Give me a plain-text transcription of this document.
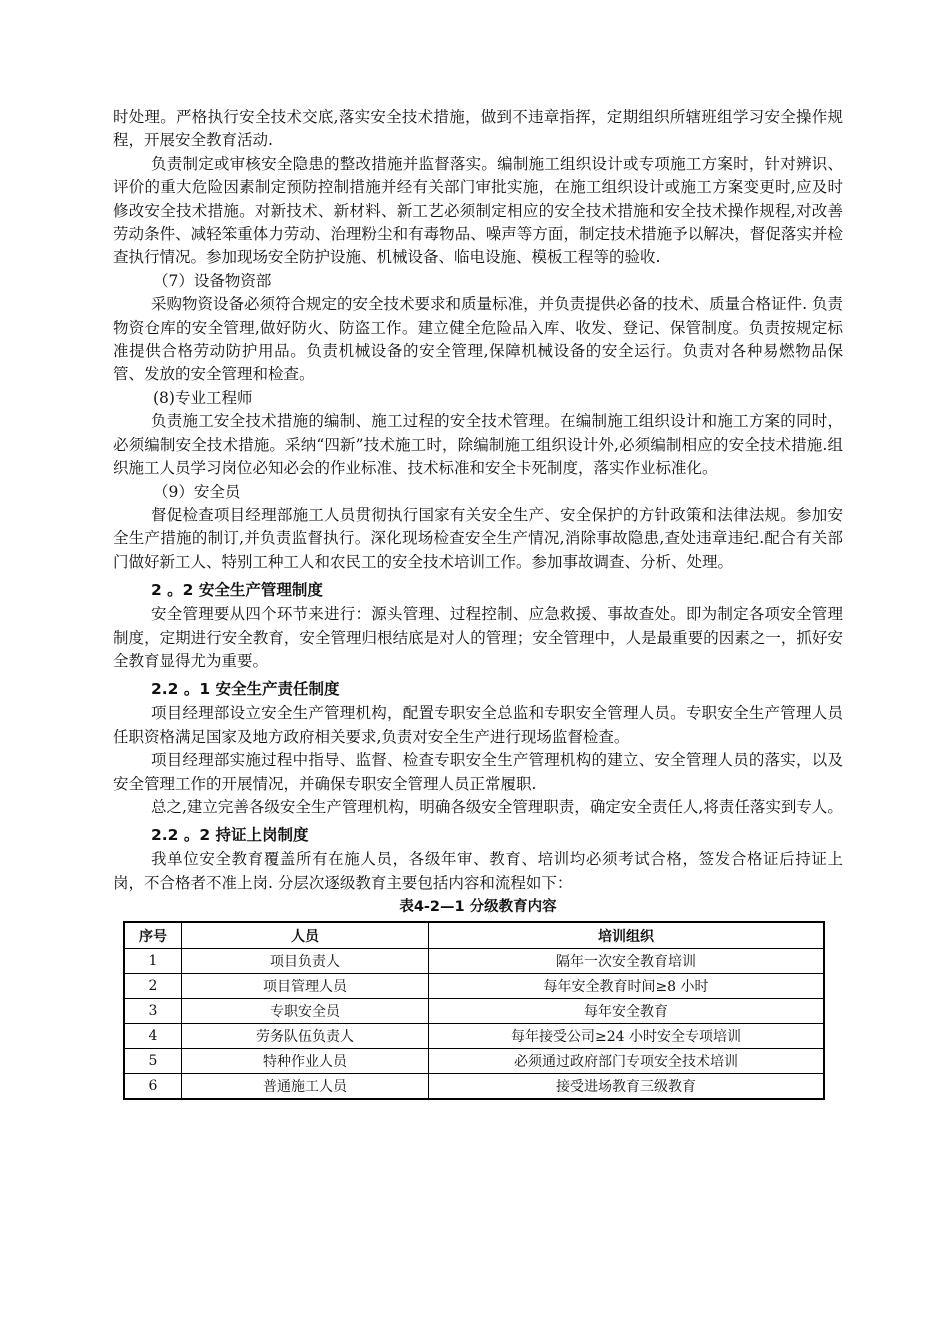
时处理。严格执行安全技术交底,落实安全技术措施，做到不违章指挥，定期组织所辖班组学习安全操作规程，开展安全教育活动.

负责制定或审核安全隐患的整改措施并监督落实。编制施工组织设计或专项施工方案时，针对辨识、评价的重大危险因素制定预防控制措施并经有关部门审批实施，在施工组织设计或施工方案变更时,应及时修改安全技术措施。对新技术、新材料、新工艺必须制定相应的安全技术措施和安全技术操作规程,对改善劳动条件、减轻笨重体力劳动、治理粉尘和有毒物品、噪声等方面，制定技术措施予以解决，督促落实并检查执行情况。参加现场安全防护设施、机械设备、临电设施、模板工程等的验收.

（7）设备物资部

采购物资设备必须符合规定的安全技术要求和质量标准，并负责提供必备的技术、质量合格证件. 负责物资仓库的安全管理,做好防火、防盗工作。建立健全危险品入库、收发、登记、保管制度。负责按规定标准提供合格劳动防护用品。负责机械设备的安全管理,保障机械设备的安全运行。负责对各种易燃物品保管、发放的安全管理和检查。

(8)专业工程师

负责施工安全技术措施的编制、施工过程的安全技术管理。在编制施工组织设计和施工方案的同时，必须编制安全技术措施。采纳“四新”技术施工时，除编制施工组织设计外,必须编制相应的安全技术措施.组织施工人员学习岗位必知必会的作业标准、技术标准和安全卡死制度，落实作业标准化。

（9）安全员

督促检查项目经理部施工人员贯彻执行国家有关安全生产、安全保护的方针政策和法律法规。参加安全生产措施的制订,并负责监督执行。深化现场检查安全生产情况,消除事故隐患,查处违章违纪.配合有关部门做好新工人、特别工种工人和农民工的安全技术培训工作。参加事故调查、分析、处理。

2 。2 安全生产管理制度

安全管理要从四个环节来进行：源头管理、过程控制、应急救援、事故查处。即为制定各项安全管理制度，定期进行安全教育，安全管理归根结底是对人的管理；安全管理中，人是最重要的因素之一，抓好安全教育显得尤为重要。

2.2 。1 安全生产责任制度

项目经理部设立安全生产管理机构，配置专职安全总监和专职安全管理人员。专职安全生产管理人员任职资格满足国家及地方政府相关要求,负责对安全生产进行现场监督检查。

项目经理部实施过程中指导、监督、检查专职安全生产管理机构的建立、安全管理人员的落实，以及安全管理工作的开展情况，并确保专职安全管理人员正常履职.

总之,建立完善各级安全生产管理机构，明确各级安全管理职责，确定安全责任人,将责任落实到专人。

2.2 。2 持证上岗制度

我单位安全教育覆盖所有在施人员，各级年审、教育、培训均必须考试合格，签发合格证后持证上岗，不合格者不准上岗. 分层次逐级教育主要包括内容和流程如下：

表4-2—1 分级教育内容

序号	人员	培训组织
1	项目负责人	隔年一次安全教育培训
2	项目管理人员	每年安全教育时间≥8 小时
3	专职安全员	每年安全教育
4	劳务队伍负责人	每年接受公司≥24 小时安全专项培训
5	特种作业人员	必须通过政府部门专项安全技术培训
6	普通施工人员	接受进场教育三级教育
